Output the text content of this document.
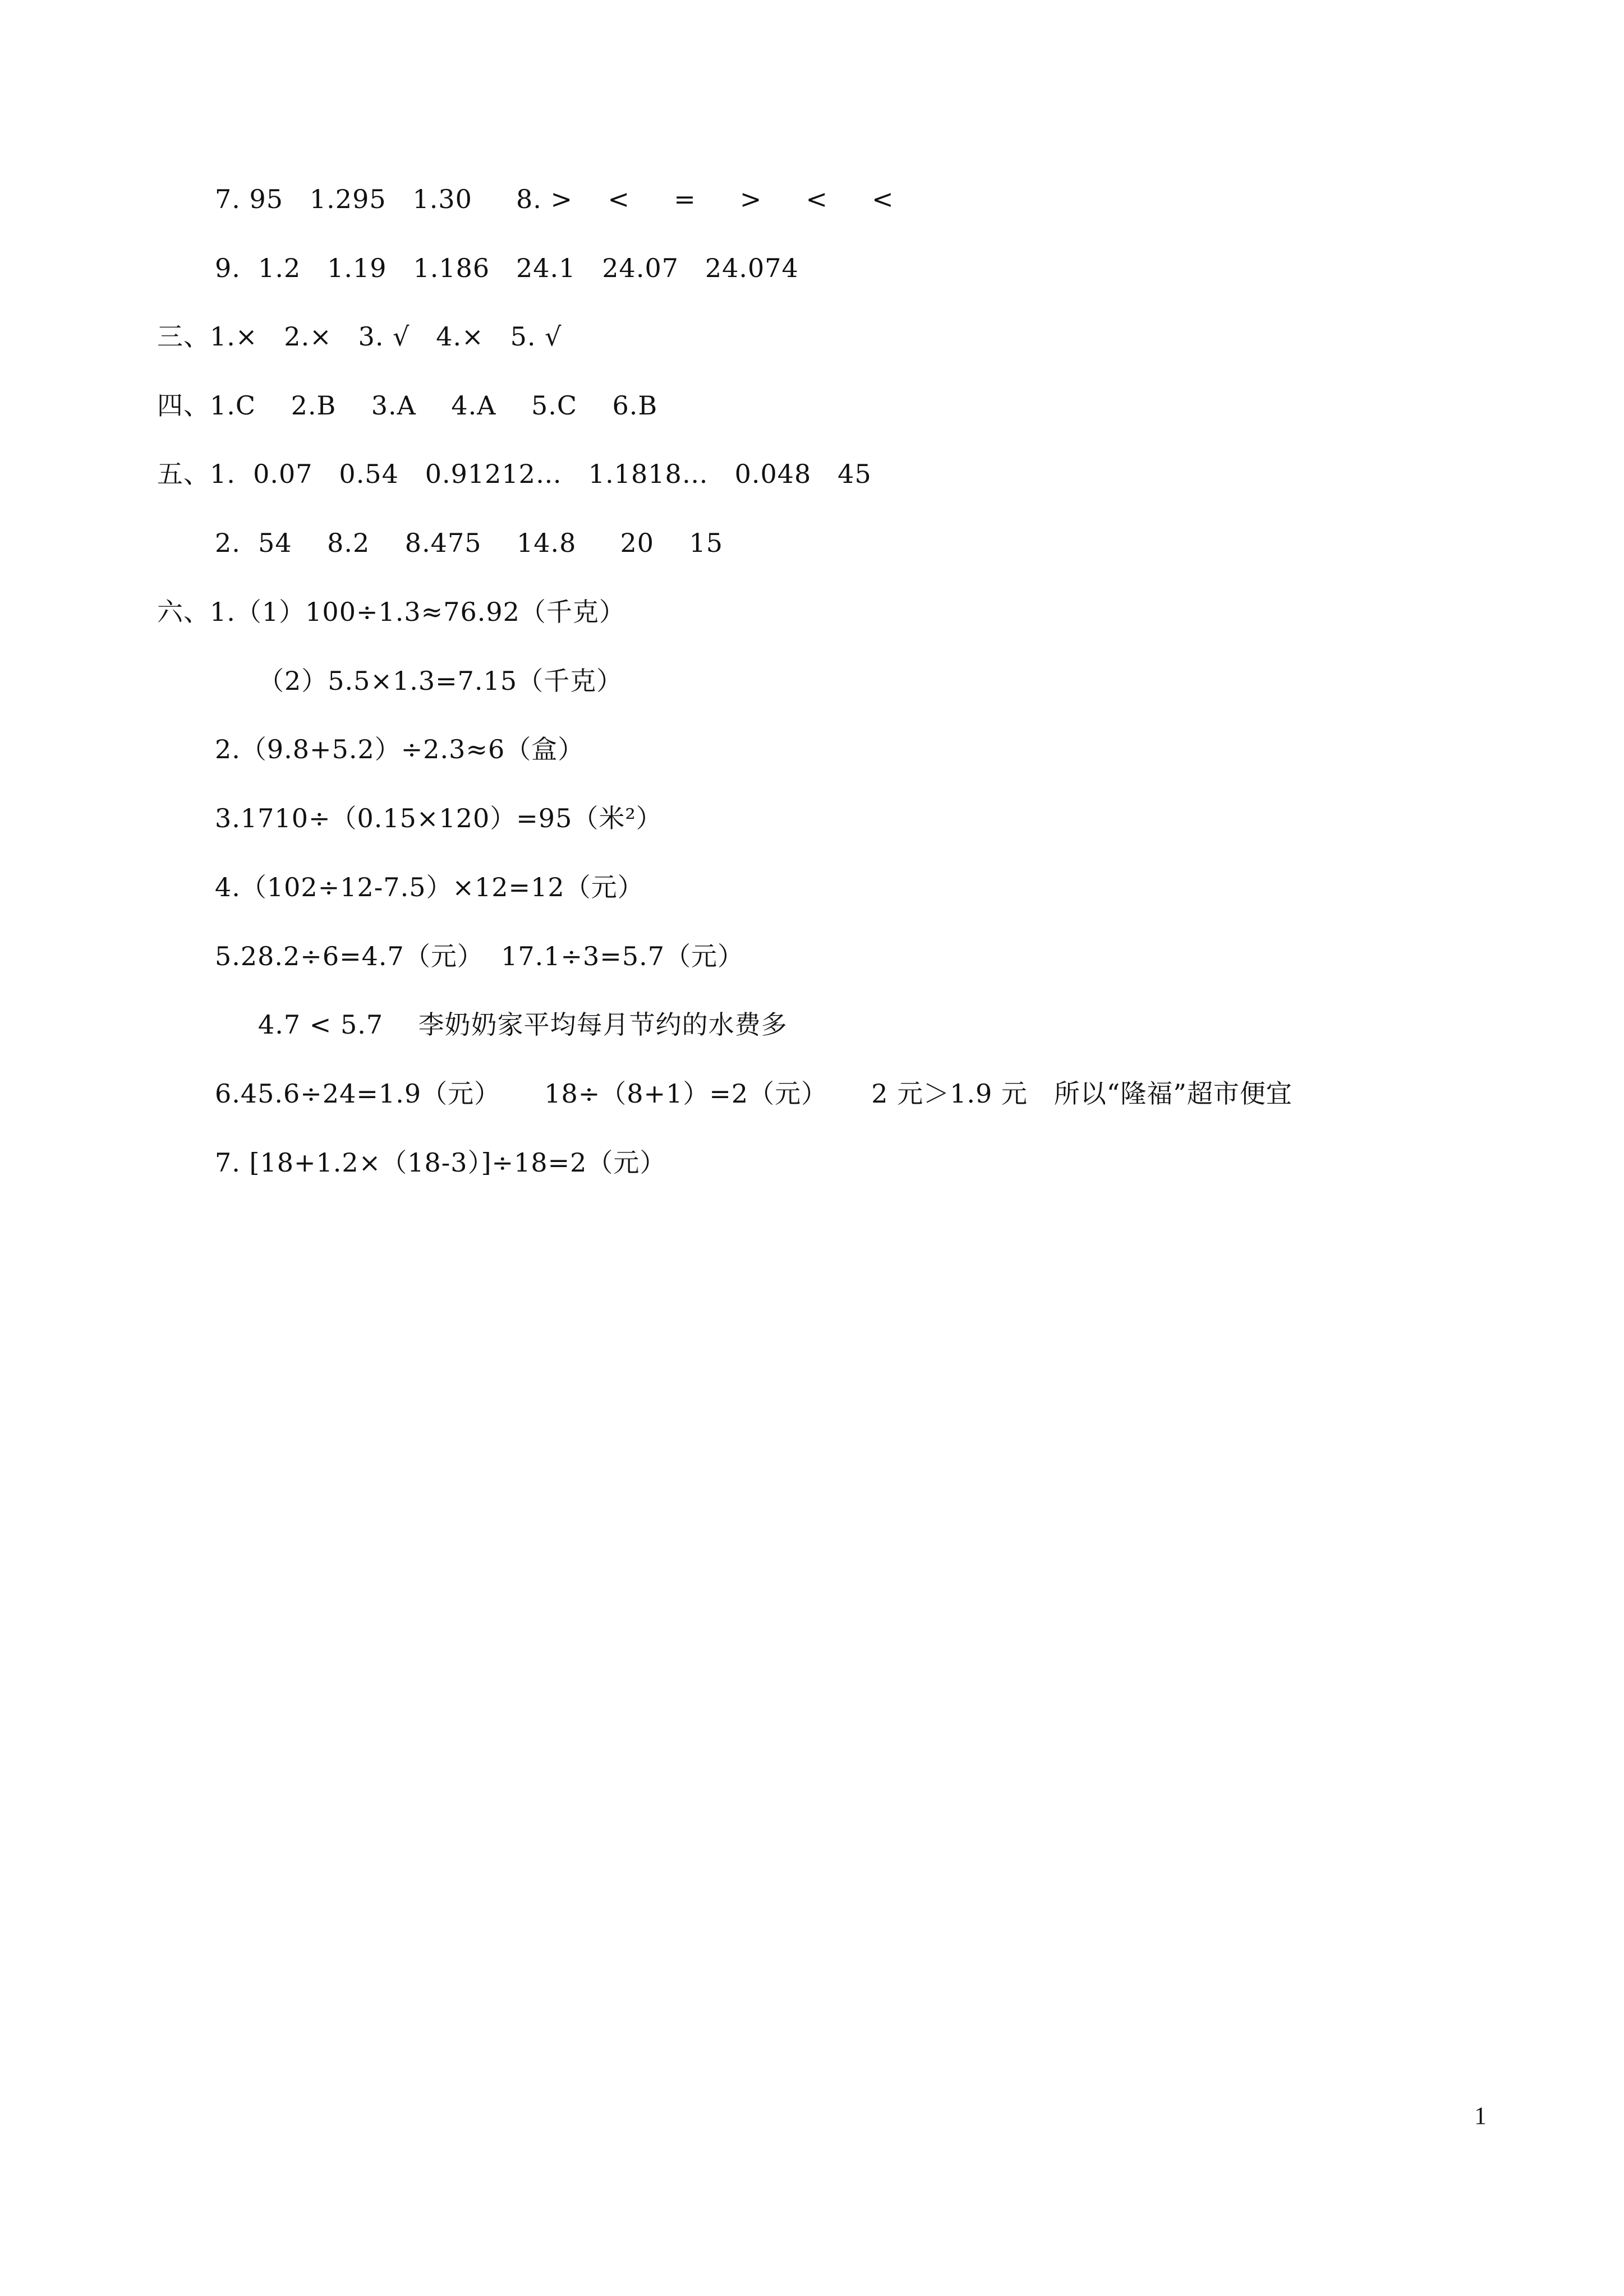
7. 95   1.295   1.30     8. >    <     =     >     <     <
9.  1.2   1.19   1.186   24.1   24.07   24.074
三、1.×   2.×   3. √   4.×   5. √
四、1.C    2.B    3.A    4.A    5.C    6.B
五、1.  0.07   0.54   0.91212…   1.1818…   0.048   45
2.  54    8.2    8.475    14.8     20    15
六、1.（1）100÷1.3≈76.92（千克）
（2）5.5×1.3=7.15（千克）
2.（9.8+5.2）÷2.3≈6（盒）
3.1710÷（0.15×120）=95（米²）
4.（102÷12-7.5）×12=12（元）
5.28.2÷6=4.7（元）  17.1÷3=5.7（元）
4.7 < 5.7    李奶奶家平均每月节约的水费多
6.45.6÷24=1.9（元）     18÷（8+1）=2（元）     2 元＞1.9 元   所以“隆福”超市便宜
7. [18+1.2×（18-3）]÷18=2（元）
1
